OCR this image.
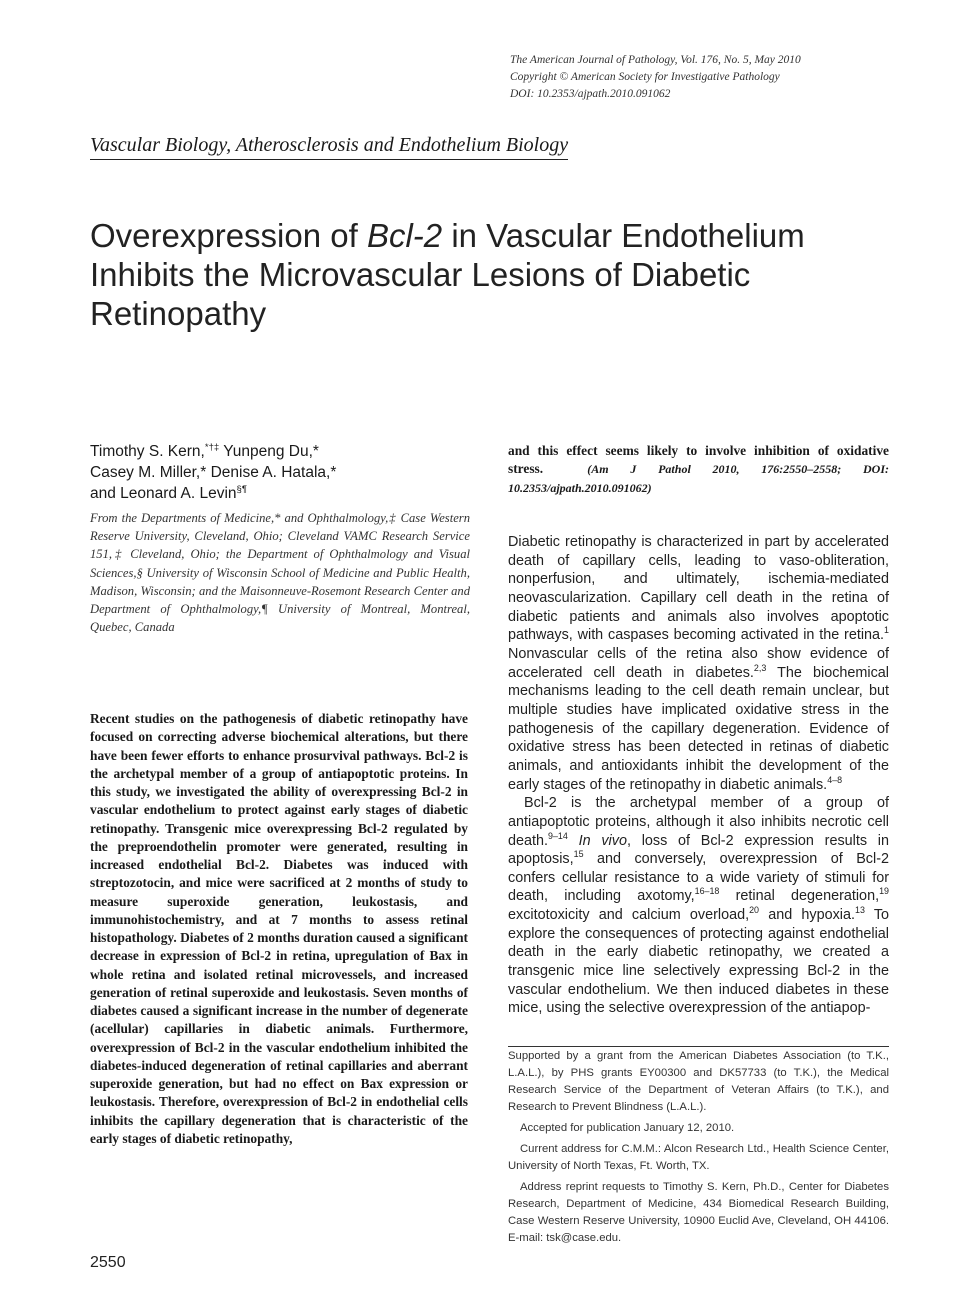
The American Journal of Pathology, Vol. 176, No. 5, May 2010
Copyright © American Society for Investigative Pathology
DOI: 10.2353/ajpath.2010.091062
Vascular Biology, Atherosclerosis and Endothelium Biology
Overexpression of Bcl-2 in Vascular Endothelium Inhibits the Microvascular Lesions of Diabetic Retinopathy
Timothy S. Kern,*†‡ Yunpeng Du,*
Casey M. Miller,* Denise A. Hatala,*
and Leonard A. Levin§¶
From the Departments of Medicine,* and Ophthalmology,‡ Case Western Reserve University, Cleveland, Ohio; Cleveland VAMC Research Service 151,‡ Cleveland, Ohio; the Department of Ophthalmology and Visual Sciences,§ University of Wisconsin School of Medicine and Public Health, Madison, Wisconsin; and the Maisonneuve-Rosemont Research Center and Department of Ophthalmology,¶ University of Montreal, Montreal, Quebec, Canada
Recent studies on the pathogenesis of diabetic retinopathy have focused on correcting adverse biochemical alterations, but there have been fewer efforts to enhance prosurvival pathways. Bcl-2 is the archetypal member of a group of antiapoptotic proteins. In this study, we investigated the ability of overexpressing Bcl-2 in vascular endothelium to protect against early stages of diabetic retinopathy. Transgenic mice overexpressing Bcl-2 regulated by the preproendothelin promoter were generated, resulting in increased endothelial Bcl-2. Diabetes was induced with streptozotocin, and mice were sacrificed at 2 months of study to measure superoxide generation, leukostasis, and immunohistochemistry, and at 7 months to assess retinal histopathology. Diabetes of 2 months duration caused a significant decrease in expression of Bcl-2 in retina, upregulation of Bax in whole retina and isolated retinal microvessels, and increased generation of retinal superoxide and leukostasis. Seven months of diabetes caused a significant increase in the number of degenerate (acellular) capillaries in diabetic animals. Furthermore, overexpression of Bcl-2 in the vascular endothelium inhibited the diabetes-induced degeneration of retinal capillaries and aberrant superoxide generation, but had no effect on Bax expression or leukostasis. Therefore, overexpression of Bcl-2 in endothelial cells inhibits the capillary degeneration that is characteristic of the early stages of diabetic retinopathy,
and this effect seems likely to involve inhibition of oxidative stress.	(Am J Pathol 2010, 176:2550–2558; DOI: 10.2353/ajpath.2010.091062)

Diabetic retinopathy is characterized in part by accelerated death of capillary cells, leading to vaso-obliteration, nonperfusion, and ultimately, ischemia-mediated neovascularization. Capillary cell death in the retina of diabetic patients and animals also involves apoptotic pathways, with caspases becoming activated in the retina.$^1$ Nonvascular cells of the retina also show evidence of accelerated cell death in diabetes.$^{2,3}$ The biochemical mechanisms leading to the cell death remain unclear, but multiple studies have implicated oxidative stress in the pathogenesis of the capillary degeneration. Evidence of oxidative stress has been detected in retinas of diabetic animals, and antioxidants inhibit the development of the early stages of the retinopathy in diabetic animals.$^{4-8}$

Bcl-2 is the archetypal member of a group of antiapoptotic proteins, although it also inhibits necrotic cell death.$^{9-14}$ In vivo, loss of Bcl-2 expression results in apoptosis,$^{15}$ and conversely, overexpression of Bcl-2 confers cellular resistance to a wide variety of stimuli for death, including axotomy,$^{16-18}$ retinal degeneration,$^{19}$ excitotoxicity and calcium overload,$^{20}$ and hypoxia.$^{13}$ To explore the consequences of protecting against endothelial death in the early diabetic retinopathy, we created a transgenic mice line selectively expressing Bcl-2 in the vascular endothelium. We then induced diabetes in these mice, using the selective overexpression of the antiapop-

Supported by a grant from the American Diabetes Association (to T.K., L.A.L.), by PHS grants EY00300 and DK57733 (to T.K.), the Medical Research Service of the Department of Veteran Affairs (to T.K.), and Research to Prevent Blindness (L.A.L.).

Accepted for publication January 12, 2010.

Current address for C.M.M.: Alcon Research Ltd., Health Science Center, University of North Texas, Ft. Worth, TX.

Address reprint requests to Timothy S. Kern, Ph.D., Center for Diabetes Research, Department of Medicine, 434 Biomedical Research Building, Case Western Reserve University, 10900 Euclid Ave, Cleveland, OH 44106. E-mail: tsk@case.edu.

2550
